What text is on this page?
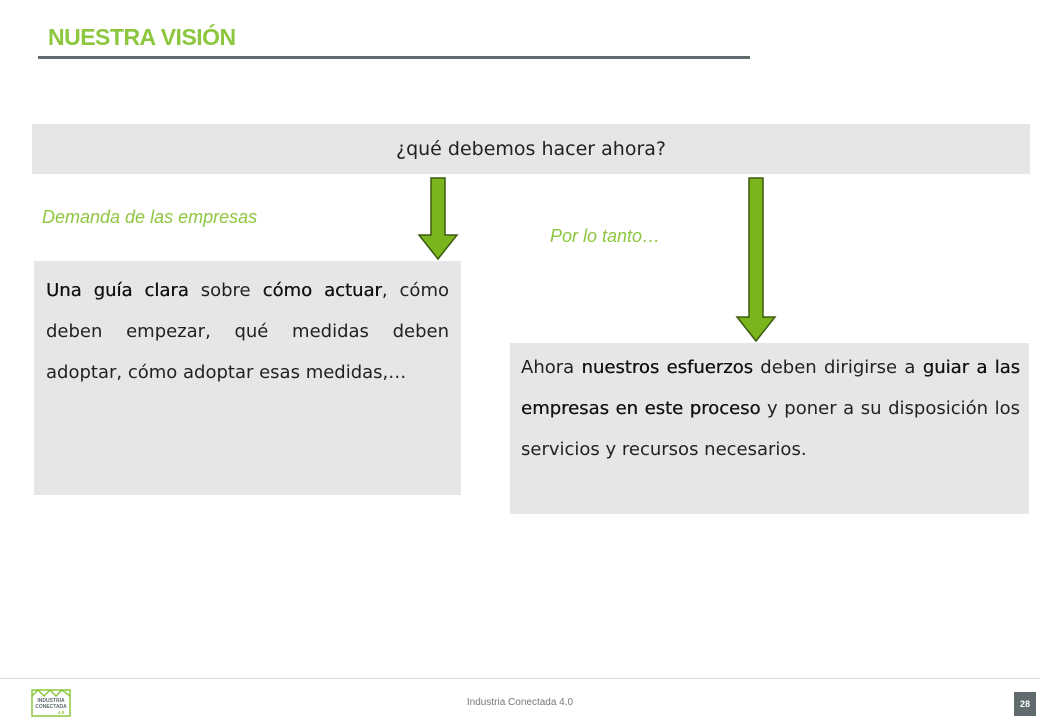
NUESTRA VISIÓN
¿qué debemos hacer ahora?
Demanda de las empresas
Por lo tanto…
Una guía clara sobre cómo actuar, cómo deben empezar, qué medidas deben adoptar, cómo adoptar esas medidas,…	Ahora nuestros esfuerzos deben dirigirse a guiar a las empresas en este proceso y poner a su disposición los servicios y recursos necesarios.
INDUSTRIA
CONECTADA
4.0
Industria Conectada 4.0	28
